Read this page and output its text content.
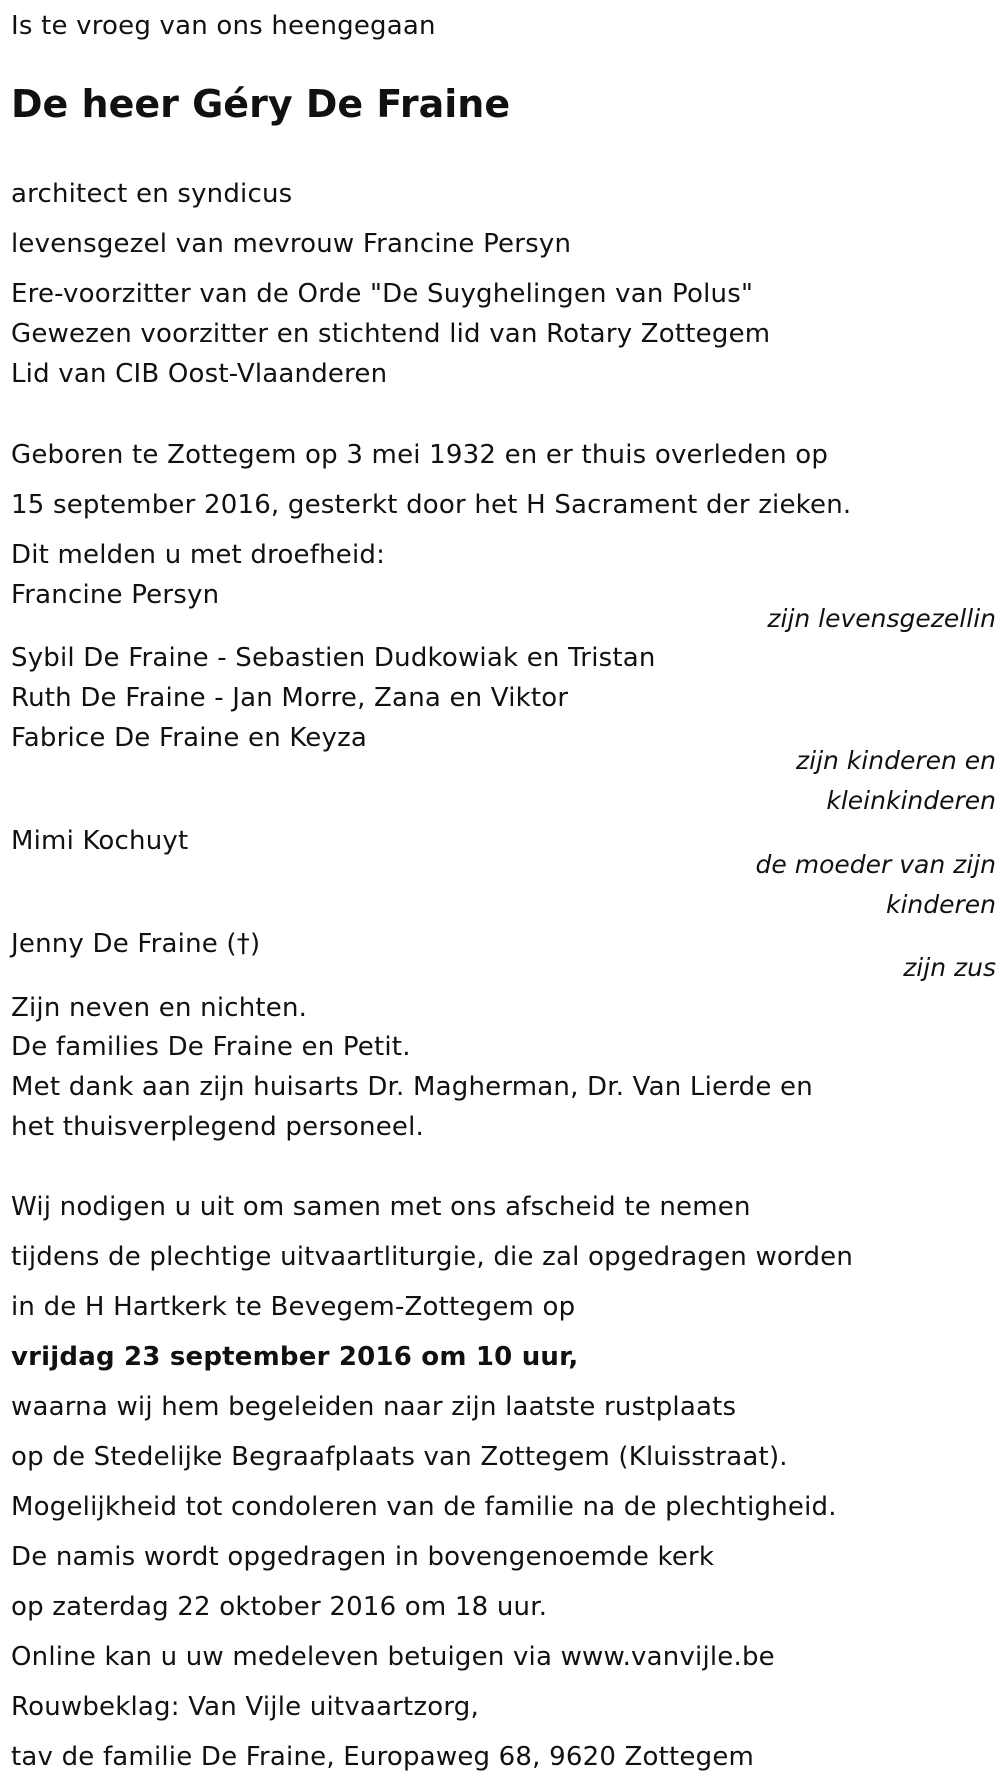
Is te vroeg van ons heengegaan
De heer Géry De Fraine
architect en syndicus
levensgezel van mevrouw Francine Persyn
Ere-voorzitter van de Orde "De Suyghelingen van Polus"
Gewezen voorzitter en stichtend lid van Rotary Zottegem
Lid van CIB Oost-Vlaanderen
Geboren te Zottegem op 3 mei 1932 en er thuis overleden op
15 september 2016, gesterkt door het H Sacrament der zieken.
Dit melden u met droefheid:
Francine Persyn
zijn levensgezellin
Sybil De Fraine - Sebastien Dudkowiak en Tristan
Ruth De Fraine - Jan Morre, Zana en Viktor
Fabrice De Fraine en Keyza
zijn kinderen en
kleinkinderen
Mimi Kochuyt
de moeder van zijn
kinderen
Jenny De Fraine (†)
zijn zus
Zijn neven en nichten.
De families De Fraine en Petit.
Met dank aan zijn huisarts Dr. Magherman, Dr. Van Lierde en
het thuisverplegend personeel.
Wij nodigen u uit om samen met ons afscheid te nemen
tijdens de plechtige uitvaartliturgie, die zal opgedragen worden
in de H Hartkerk te Bevegem-Zottegem op
vrijdag 23 september 2016 om 10 uur,
waarna wij hem begeleiden naar zijn laatste rustplaats
op de Stedelijke Begraafplaats van Zottegem (Kluisstraat).
Mogelijkheid tot condoleren van de familie na de plechtigheid.
De namis wordt opgedragen in bovengenoemde kerk
op zaterdag 22 oktober 2016 om 18 uur.
Online kan u uw medeleven betuigen via www.vanvijle.be
Rouwbeklag: Van Vijle uitvaartzorg,
tav de familie De Fraine, Europaweg 68, 9620 Zottegem
